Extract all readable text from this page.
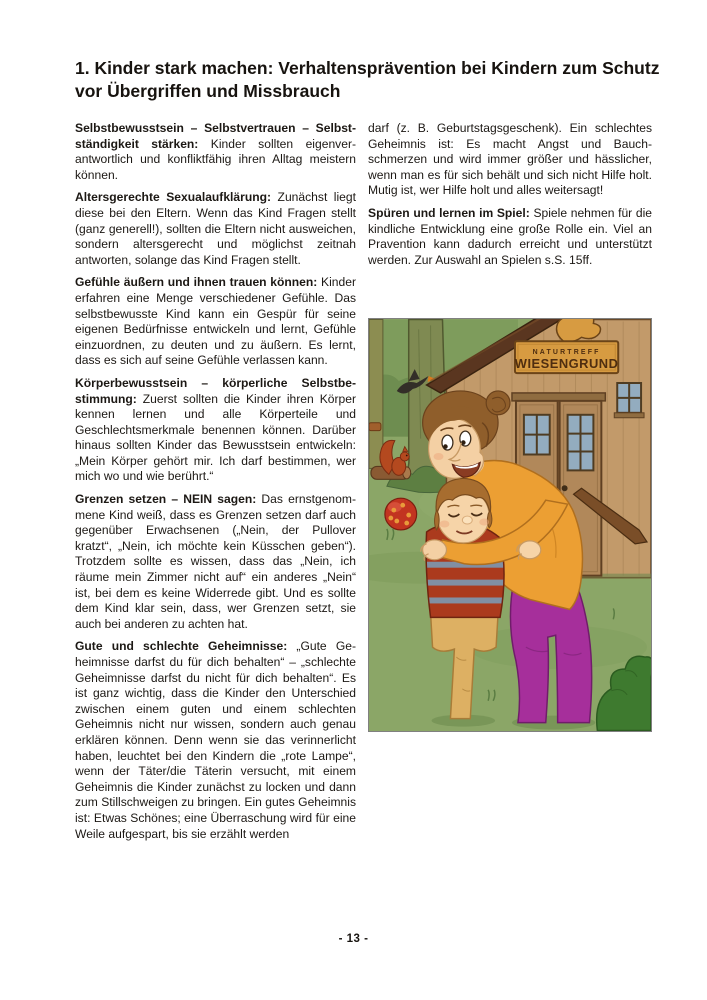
1. Kinder stark machen: Verhaltensprävention bei Kindern zum Schutz vor Übergriffen und Missbrauch

Selbstbewusstsein – Selbstvertrauen – Selbstständigkeit stärken: Kinder sollten eigenverantwortlich und konfliktfähig ihren Alltag meistern können.

Altersgerechte Sexualaufklärung: Zunächst liegt diese bei den Eltern. Wenn das Kind Fragen stellt (ganz generell!), sollten die Eltern nicht ausweichen, sondern altersgerecht und möglichst zeitnah antworten, solange das Kind Fragen stellt.

Gefühle äußern und ihnen trauen können: Kinder erfahren eine Menge verschiedener Gefühle. Das selbstbewusste Kind kann ein Gespür für seine eigenen Bedürfnisse entwickeln und lernt, Gefühle einzuordnen, zu deuten und zu äußern. Es lernt, dass es sich auf seine Gefühle verlassen kann.

Körperbewusstsein – körperliche Selbstbestimmung: Zuerst sollten die Kinder ihren Körper kennen lernen und alle Körperteile und Geschlechtsmerkmale benennen können. Darüber hinaus sollten Kinder das Bewusstsein entwickeln: „Mein Körper gehört mir. Ich darf bestimmen, wer mich wo und wie berührt.“

Grenzen setzen – NEIN sagen: Das ernstgenommene Kind weiß, dass es Grenzen setzen darf auch gegenüber Erwachsenen („Nein, der Pullover kratzt“, „Nein, ich möchte kein Küsschen geben“). Trotzdem sollte es wissen, dass das „Nein, ich räume mein Zimmer nicht auf“ ein anderes „Nein“ ist, bei dem es keine Widerrede gibt. Und es sollte dem Kind klar sein, dass, wer Grenzen setzt, sie auch bei anderen zu achten hat.

Gute und schlechte Geheimnisse: „Gute Geheimnisse darfst du für dich behalten“ – „schlechte Geheimnisse darfst du nicht für dich behalten“. Es ist ganz wichtig, dass die Kinder den Unterschied zwischen einem guten und einem schlechten Geheimnis nicht nur wissen, sondern auch genau erklären können. Denn wenn sie das verinnerlicht haben, leuchtet bei den Kindern die „rote Lampe“, wenn der Täter/die Täterin versucht, mit einem Geheimnis die Kinder zunächst zu locken und dann zum Stillschweigen zu bringen. Ein gutes Geheimnis ist: Etwas Schönes; eine Überraschung wird für eine Weile aufgespart, bis sie erzählt werden

darf (z. B. Geburtstagsgeschenk). Ein schlechtes Geheimnis ist: Es macht Angst und Bauchschmerzen und wird immer größer und hässlicher, wenn man es für sich behält und sich nicht Hilfe holt. Mutig ist, wer Hilfe holt und alles weitersagt!

Spüren und lernen im Spiel: Spiele nehmen für die kindliche Entwicklung eine große Rolle ein. Viel an Pravention kann dadurch erreicht und unterstützt werden. Zur Auswahl an Spielen s.S. 15ff.

NATURTREFF
WIESENGRUND
- 13 -
